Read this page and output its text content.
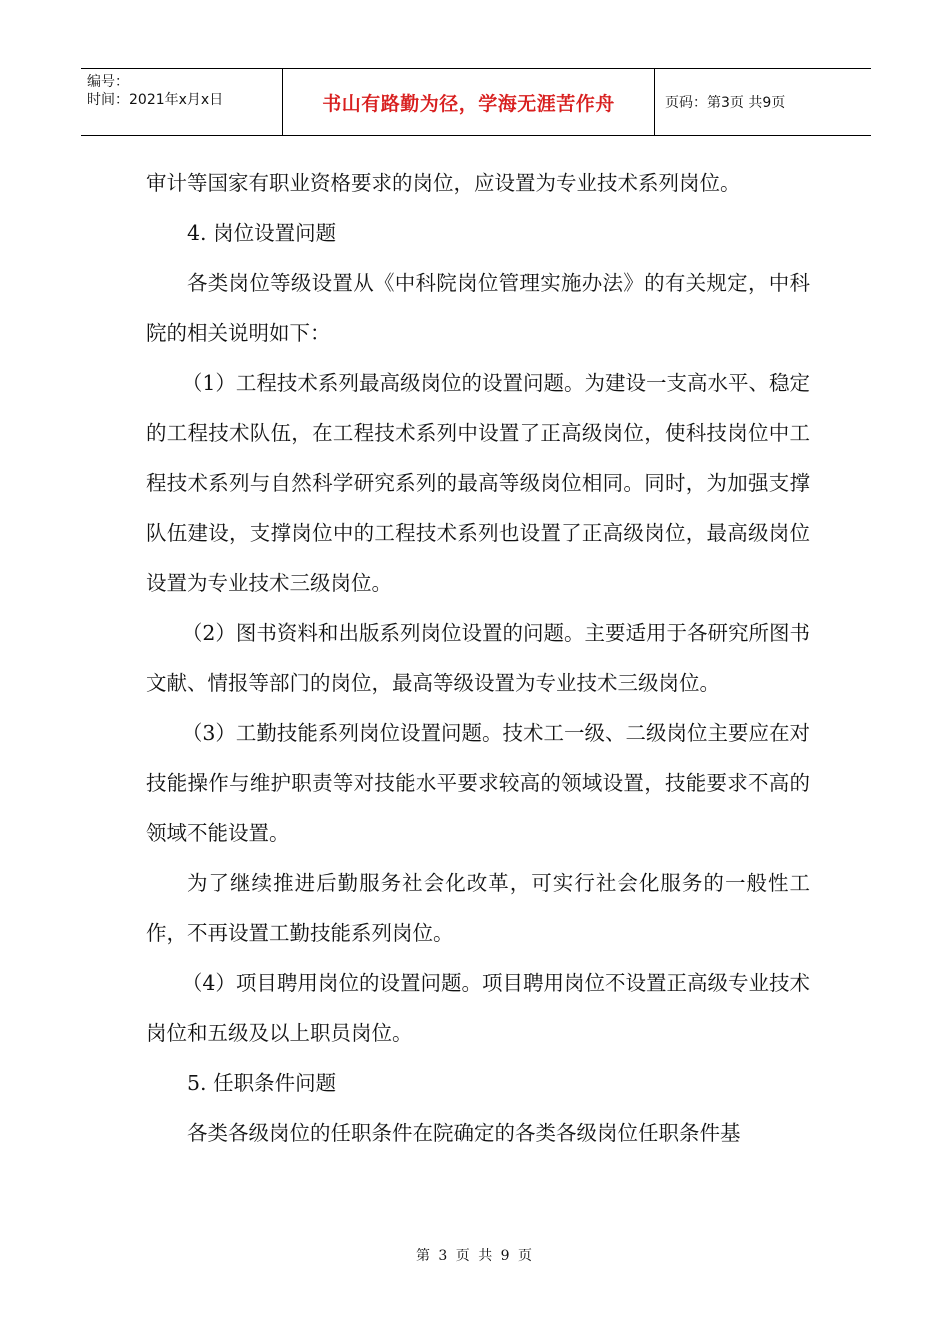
编号：
时间：2021年x月x日	书山有路勤为径，学海无涯苦作舟	页码：第3页 共9页

审计等国家有职业资格要求的岗位，应设置为专业技术系列岗位。

4. 岗位设置问题

各类岗位等级设置从《中科院岗位管理实施办法》的有关规定，中科院的相关说明如下：

（1）工程技术系列最高级岗位的设置问题。为建设一支高水平、稳定的工程技术队伍，在工程技术系列中设置了正高级岗位，使科技岗位中工程技术系列与自然科学研究系列的最高等级岗位相同。同时，为加强支撑队伍建设，支撑岗位中的工程技术系列也设置了正高级岗位，最高级岗位设置为专业技术三级岗位。

（2）图书资料和出版系列岗位设置的问题。主要适用于各研究所图书文献、情报等部门的岗位，最高等级设置为专业技术三级岗位。

（3）工勤技能系列岗位设置问题。技术工一级、二级岗位主要应在对技能操作与维护职责等对技能水平要求较高的领域设置，技能要求不高的领域不能设置。

为了继续推进后勤服务社会化改革，可实行社会化服务的一般性工作，不再设置工勤技能系列岗位。

（4）项目聘用岗位的设置问题。项目聘用岗位不设置正高级专业技术岗位和五级及以上职员岗位。

5. 任职条件问题

各类各级岗位的任职条件在院确定的各类各级岗位任职条件基

第 3 页 共 9 页
